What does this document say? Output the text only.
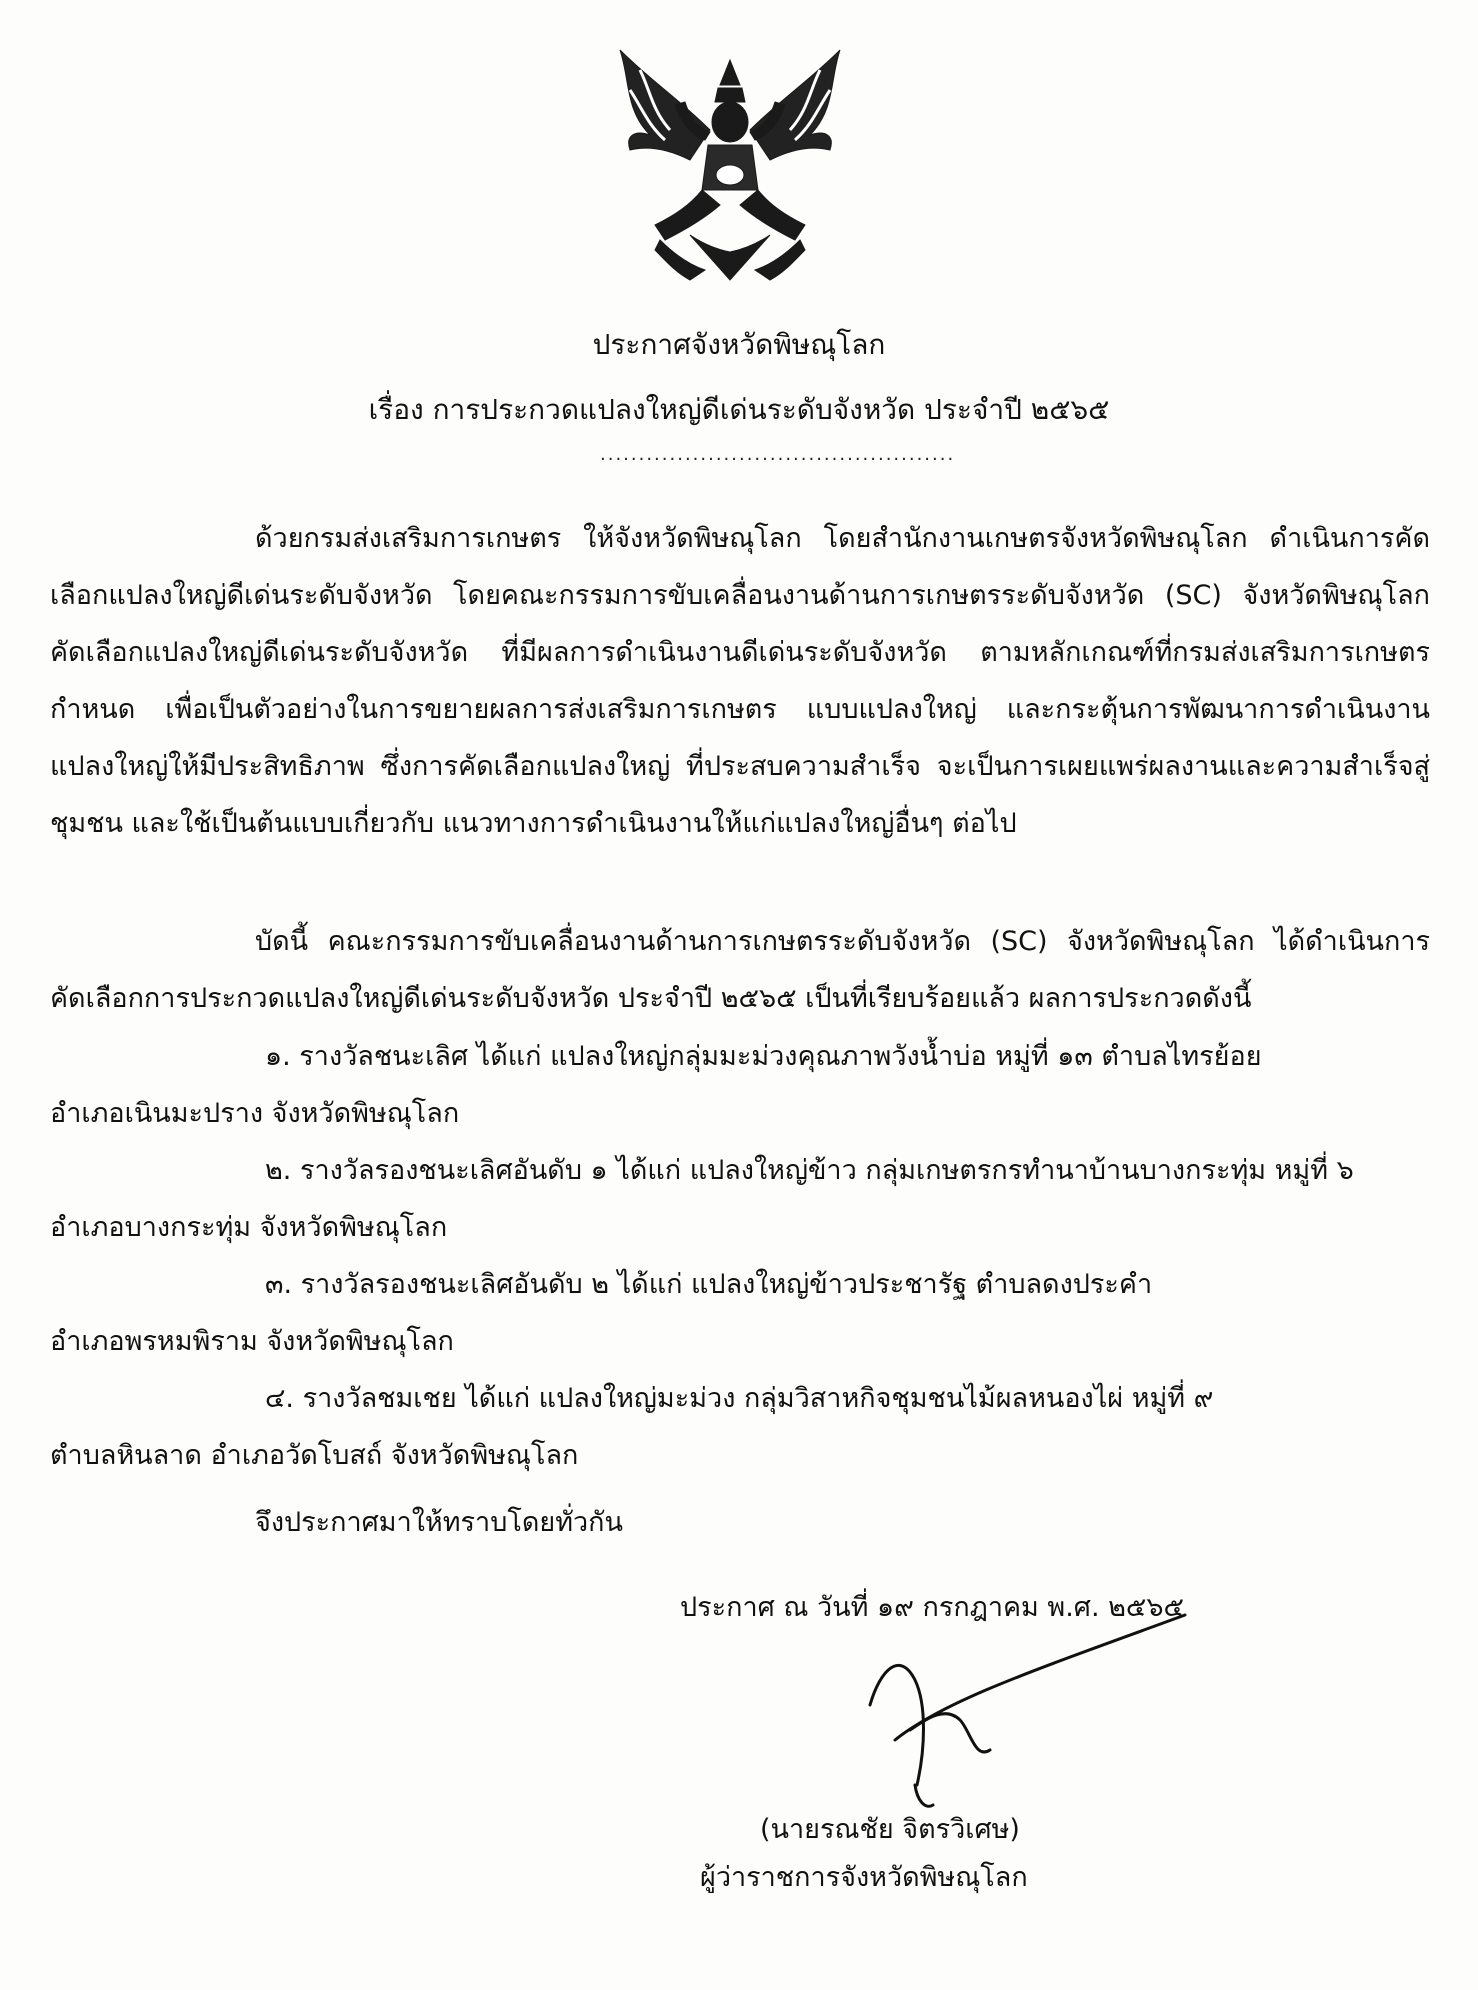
ประกาศจังหวัดพิษณุโลก
เรื่อง การประกวดแปลงใหญ่ดีเด่นระดับจังหวัด ประจำปี ๒๕๖๕
..............................................
ด้วยกรมส่งเสริมการเกษตร ให้จังหวัดพิษณุโลก โดยสำนักงานเกษตรจังหวัดพิษณุโลก ดำเนินการคัดเลือกแปลงใหญ่ดีเด่นระดับจังหวัด โดยคณะกรรมการขับเคลื่อนงานด้านการเกษตรระดับจังหวัด (SC) จังหวัดพิษณุโลก คัดเลือกแปลงใหญ่ดีเด่นระดับจังหวัด ที่มีผลการดำเนินงานดีเด่นระดับจังหวัด ตามหลักเกณฑ์ที่กรมส่งเสริมการเกษตรกำหนด เพื่อเป็นตัวอย่างในการขยายผลการส่งเสริมการเกษตร แบบแปลงใหญ่ และกระตุ้นการพัฒนาการดำเนินงานแปลงใหญ่ให้มีประสิทธิภาพ ซึ่งการคัดเลือกแปลงใหญ่ ที่ประสบความสำเร็จ จะเป็นการเผยแพร่ผลงานและความสำเร็จสู่ชุมชน และใช้เป็นต้นแบบเกี่ยวกับ แนวทางการดำเนินงานให้แก่แปลงใหญ่อื่นๆ ต่อไป
บัดนี้ คณะกรรมการขับเคลื่อนงานด้านการเกษตรระดับจังหวัด (SC) จังหวัดพิษณุโลก ได้ดำเนินการ คัดเลือกการประกวดแปลงใหญ่ดีเด่นระดับจังหวัด ประจำปี ๒๕๖๕ เป็นที่เรียบร้อยแล้ว ผลการประกวดดังนี้
๑. รางวัลชนะเลิศ ได้แก่ แปลงใหญ่กลุ่มมะม่วงคุณภาพวังน้ำบ่อ หมู่ที่ ๑๓ ตำบลไทรย้อย
อำเภอเนินมะปราง จังหวัดพิษณุโลก
๒. รางวัลรองชนะเลิศอันดับ ๑ ได้แก่ แปลงใหญ่ข้าว กลุ่มเกษตรกรทำนาบ้านบางกระทุ่ม หมู่ที่ ๖
อำเภอบางกระทุ่ม จังหวัดพิษณุโลก
๓. รางวัลรองชนะเลิศอันดับ ๒ ได้แก่ แปลงใหญ่ข้าวประชารัฐ ตำบลดงประคำ
อำเภอพรหมพิราม จังหวัดพิษณุโลก
๔. รางวัลชมเชย ได้แก่ แปลงใหญ่มะม่วง กลุ่มวิสาหกิจชุมชนไม้ผลหนองไผ่ หมู่ที่ ๙
ตำบลหินลาด อำเภอวัดโบสถ์ จังหวัดพิษณุโลก
จึงประกาศมาให้ทราบโดยทั่วกัน
ประกาศ ณ วันที่ ๑๙ กรกฎาคม พ.ศ. ๒๕๖๕
(นายรณชัย จิตรวิเศษ)
ผู้ว่าราชการจังหวัดพิษณุโลก
